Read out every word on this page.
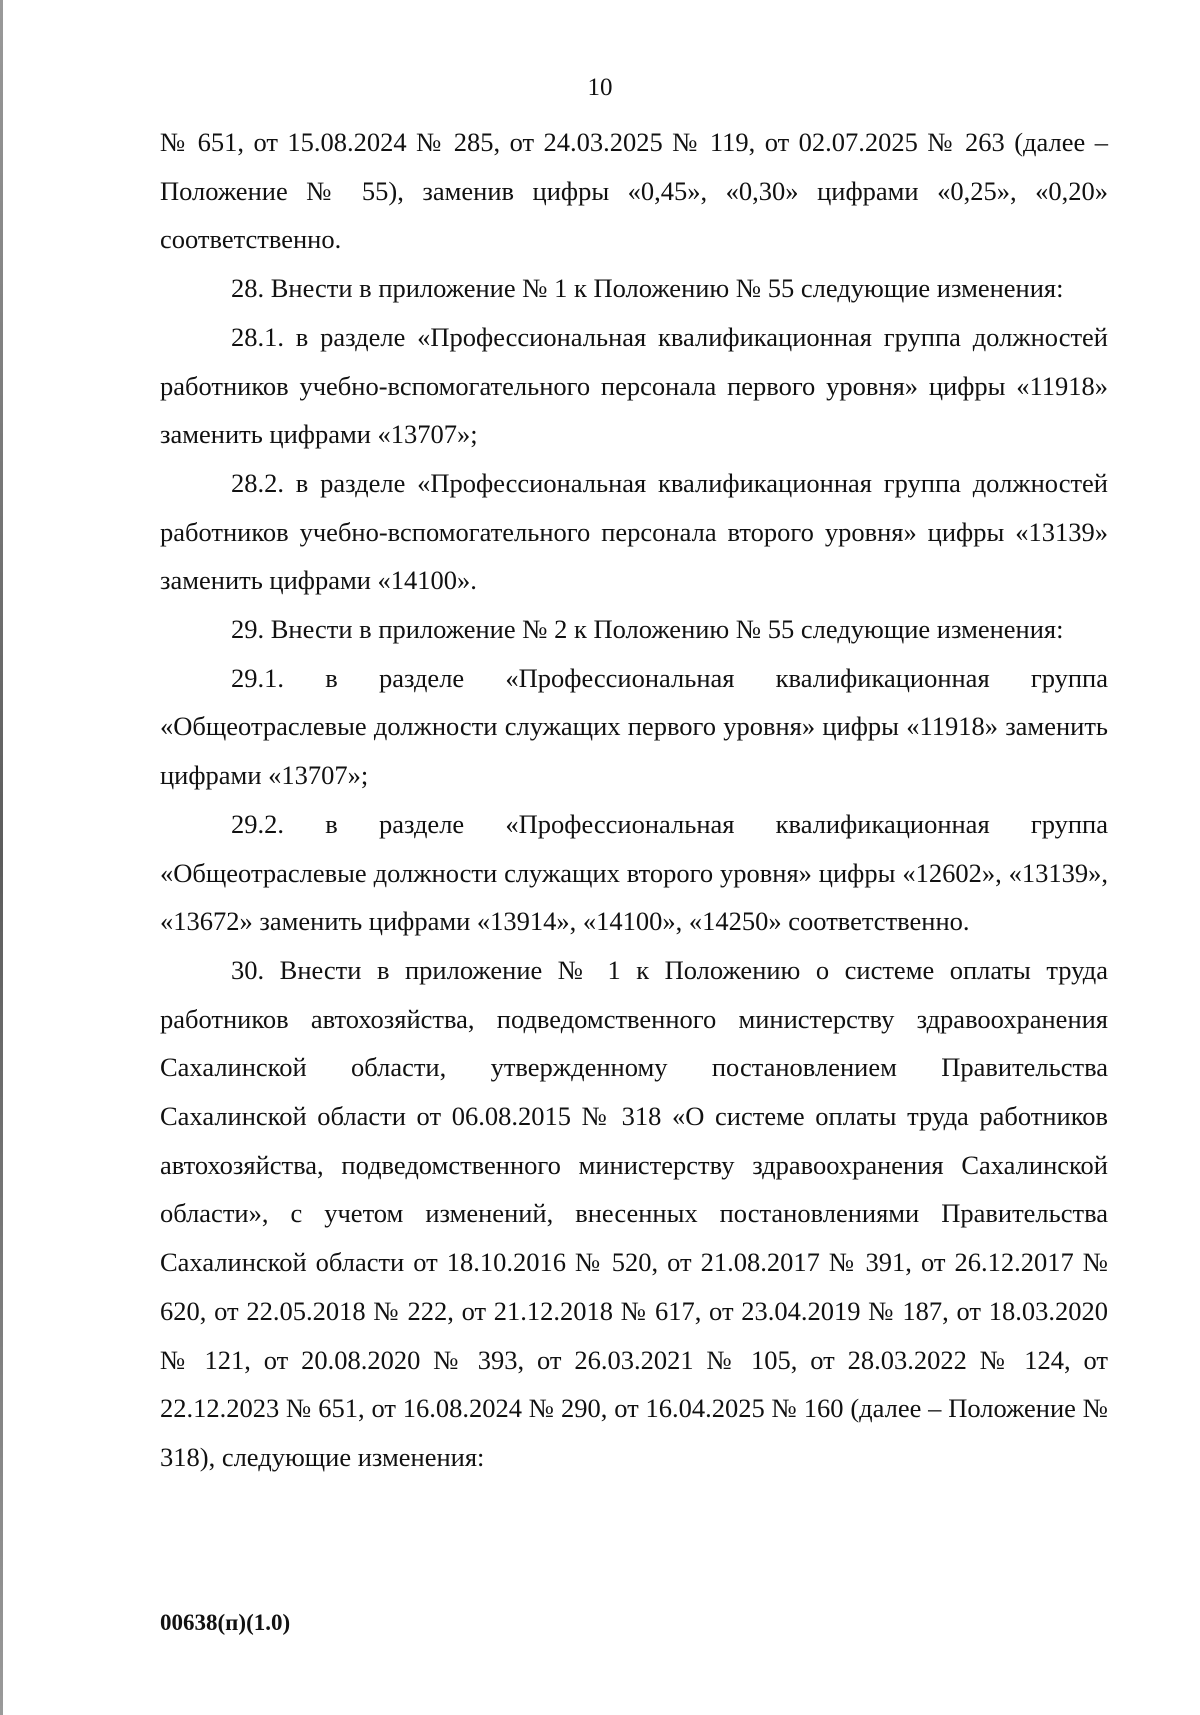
10

№ 651, от 15.08.2024 № 285, от 24.03.2025 № 119, от 02.07.2025 № 263 (далее – Положение № 55), заменив цифры «0,45», «0,30» цифрами «0,25», «0,20» соответственно.

28. Внести в приложение № 1 к Положению № 55 следующие изменения:

28.1. в разделе «Профессиональная квалификационная группа должностей работников учебно-вспомогательного персонала первого уровня» цифры «11918» заменить цифрами «13707»;

28.2. в разделе «Профессиональная квалификационная группа должностей работников учебно-вспомогательного персонала второго уровня» цифры «13139» заменить цифрами «14100».

29. Внести в приложение № 2 к Положению № 55 следующие изменения:

29.1. в разделе «Профессиональная квалификационная группа «Общеотраслевые должности служащих первого уровня» цифры «11918» заменить цифрами «13707»;

29.2. в разделе «Профессиональная квалификационная группа «Общеотраслевые должности служащих второго уровня» цифры «12602», «13139», «13672» заменить цифрами «13914», «14100», «14250» соответственно.

30. Внести в приложение № 1 к Положению о системе оплаты труда работников автохозяйства, подведомственного министерству здравоохранения Сахалинской области, утвержденному постановлением Правительства Сахалинской области от 06.08.2015 № 318 «О системе оплаты труда работников автохозяйства, подведомственного министерству здравоохранения Сахалинской области», с учетом изменений, внесенных постановлениями Правительства Сахалинской области от 18.10.2016 № 520, от 21.08.2017 № 391, от 26.12.2017 № 620, от 22.05.2018 № 222, от 21.12.2018 № 617, от 23.04.2019 № 187, от 18.03.2020 № 121, от 20.08.2020 № 393, от 26.03.2021 № 105, от 28.03.2022 № 124, от 22.12.2023 № 651, от 16.08.2024 № 290, от 16.04.2025 № 160 (далее – Положение № 318), следующие изменения:

00638(п)(1.0)
